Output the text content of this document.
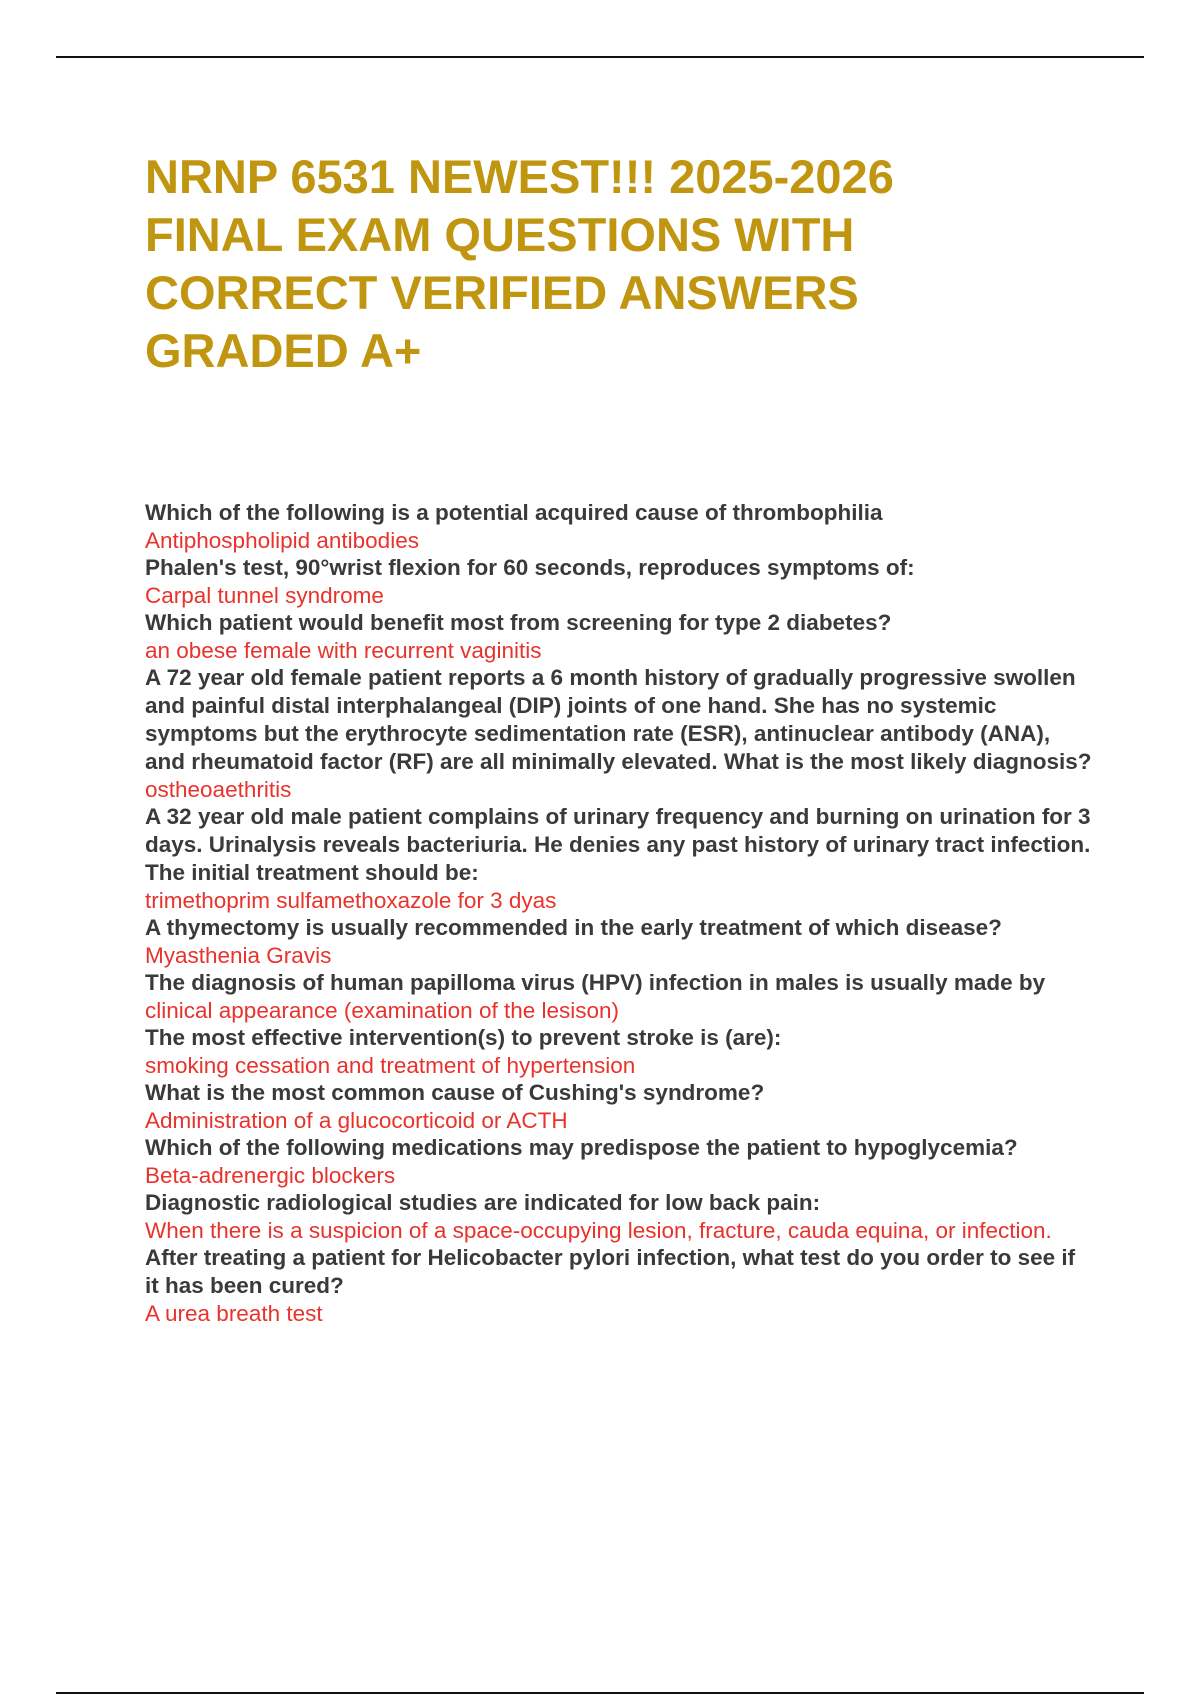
NRNP 6531 NEWEST!!! 2025-2026
FINAL EXAM QUESTIONS WITH
CORRECT VERIFIED ANSWERS
GRADED A+
Which of the following is a potential acquired cause of thrombophilia
Antiphospholipid antibodies
Phalen's test, 90°wrist flexion for 60 seconds, reproduces symptoms of:
Carpal tunnel syndrome
Which patient would benefit most from screening for type 2 diabetes?
an obese female with recurrent vaginitis
A 72 year old female patient reports a 6 month history of gradually progressive swollen and painful distal interphalangeal (DIP) joints of one hand. She has no systemic symptoms but the erythrocyte sedimentation rate (ESR), antinuclear antibody (ANA), and rheumatoid factor (RF) are all minimally elevated. What is the most likely diagnosis?
ostheoaethritis
A 32 year old male patient complains of urinary frequency and burning on urination for 3 days. Urinalysis reveals bacteriuria. He denies any past history of urinary tract infection. The initial treatment should be:
trimethoprim sulfamethoxazole for 3 dyas
A thymectomy is usually recommended in the early treatment of which disease?
Myasthenia Gravis
The diagnosis of human papilloma virus (HPV) infection in males is usually made by
clinical appearance (examination of the lesison)
The most effective intervention(s) to prevent stroke is (are):
smoking cessation and treatment of hypertension
What is the most common cause of Cushing's syndrome?
Administration of a glucocorticoid or ACTH
Which of the following medications may predispose the patient to hypoglycemia?
Beta-adrenergic blockers
Diagnostic radiological studies are indicated for low back pain:
When there is a suspicion of a space-occupying lesion, fracture, cauda equina, or infection.
After treating a patient for Helicobacter pylori infection, what test do you order to see if it has been cured?
A urea breath test
